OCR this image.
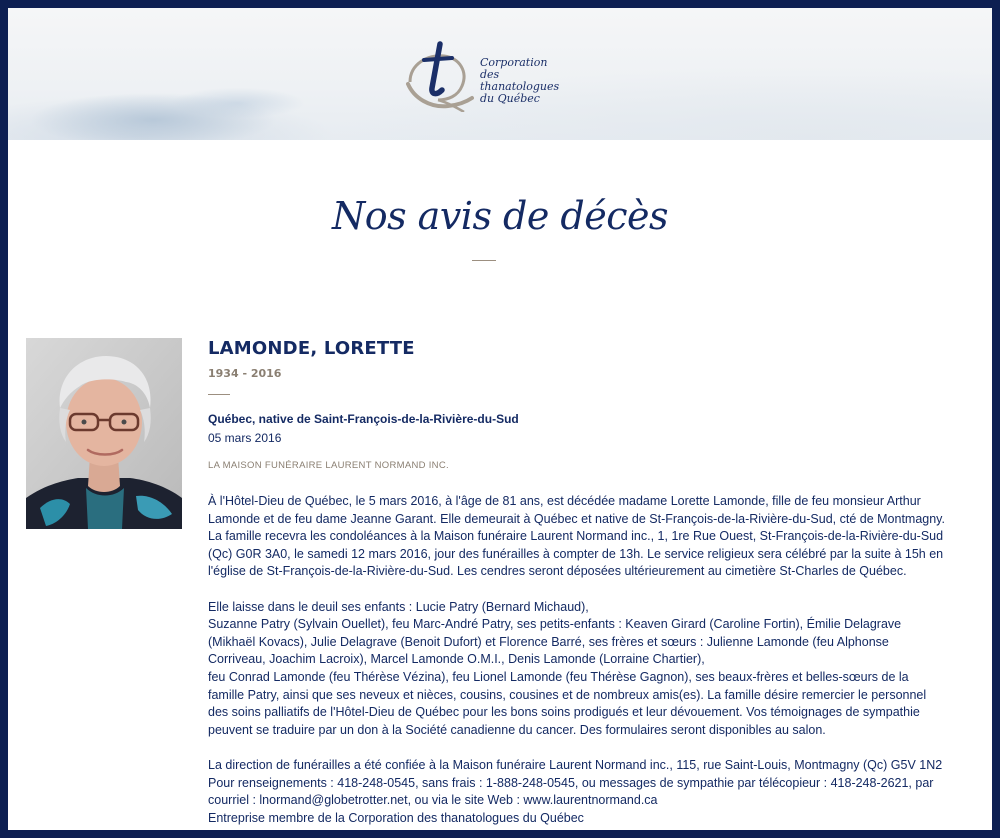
Corporation
des thanatologues
du Québec

Nos avis de décès
LAMONDE, LORETTE
1934 - 2016
Québec, native de Saint-François-de-la-Rivière-du-Sud
05 mars 2016
LA MAISON FUNÉRAIRE LAURENT NORMAND INC.

À l'Hôtel-Dieu de Québec, le 5 mars 2016, à l'âge de 81 ans, est décédée madame Lorette Lamonde, fille de feu monsieur Arthur Lamonde et de feu dame Jeanne Garant. Elle demeurait à Québec et native de St-François-de-la-Rivière-du-Sud, cté de Montmagny. La famille recevra les condoléances à la Maison funéraire Laurent Normand inc., 1, 1re Rue Ouest, St-François-de-la-Rivière-du-Sud (Qc) G0R 3A0, le samedi 12 mars 2016, jour des funérailles à compter de 13h. Le service religieux sera célébré par la suite à 15h en l'église de St-François-de-la-Rivière-du-Sud. Les cendres seront déposées ultérieurement au cimetière St-Charles de Québec.

Elle laisse dans le deuil ses enfants : Lucie Patry (Bernard Michaud),
Suzanne Patry (Sylvain Ouellet), feu Marc-André Patry, ses petits-enfants : Keaven Girard (Caroline Fortin), Émilie Delagrave (Mikhaël Kovacs), Julie Delagrave (Benoit Dufort) et Florence Barré, ses frères et sœurs : Julienne Lamonde (feu Alphonse Corriveau, Joachim Lacroix), Marcel Lamonde O.M.I., Denis Lamonde (Lorraine Chartier),
feu Conrad Lamonde (feu Thérèse Vézina), feu Lionel Lamonde (feu Thérèse Gagnon), ses beaux-frères et belles-sœurs de la famille Patry, ainsi que ses neveux et nièces, cousins, cousines et de nombreux amis(es). La famille désire remercier le personnel des soins palliatifs de l'Hôtel-Dieu de Québec pour les bons soins prodigués et leur dévouement. Vos témoignages de sympathie peuvent se traduire par un don à la Société canadienne du cancer. Des formulaires seront disponibles au salon.

La direction de funérailles a été confiée à la Maison funéraire Laurent Normand inc., 115, rue Saint-Louis, Montmagny (Qc) G5V 1N2
Pour renseignements : 418-248-0545, sans frais : 1-888-248-0545, ou messages de sympathie par télécopieur : 418-248-2621, par courriel : lnormand@globetrotter.net, ou via le site Web : www.laurentnormand.ca
Entreprise membre de la Corporation des thanatologues du Québec
